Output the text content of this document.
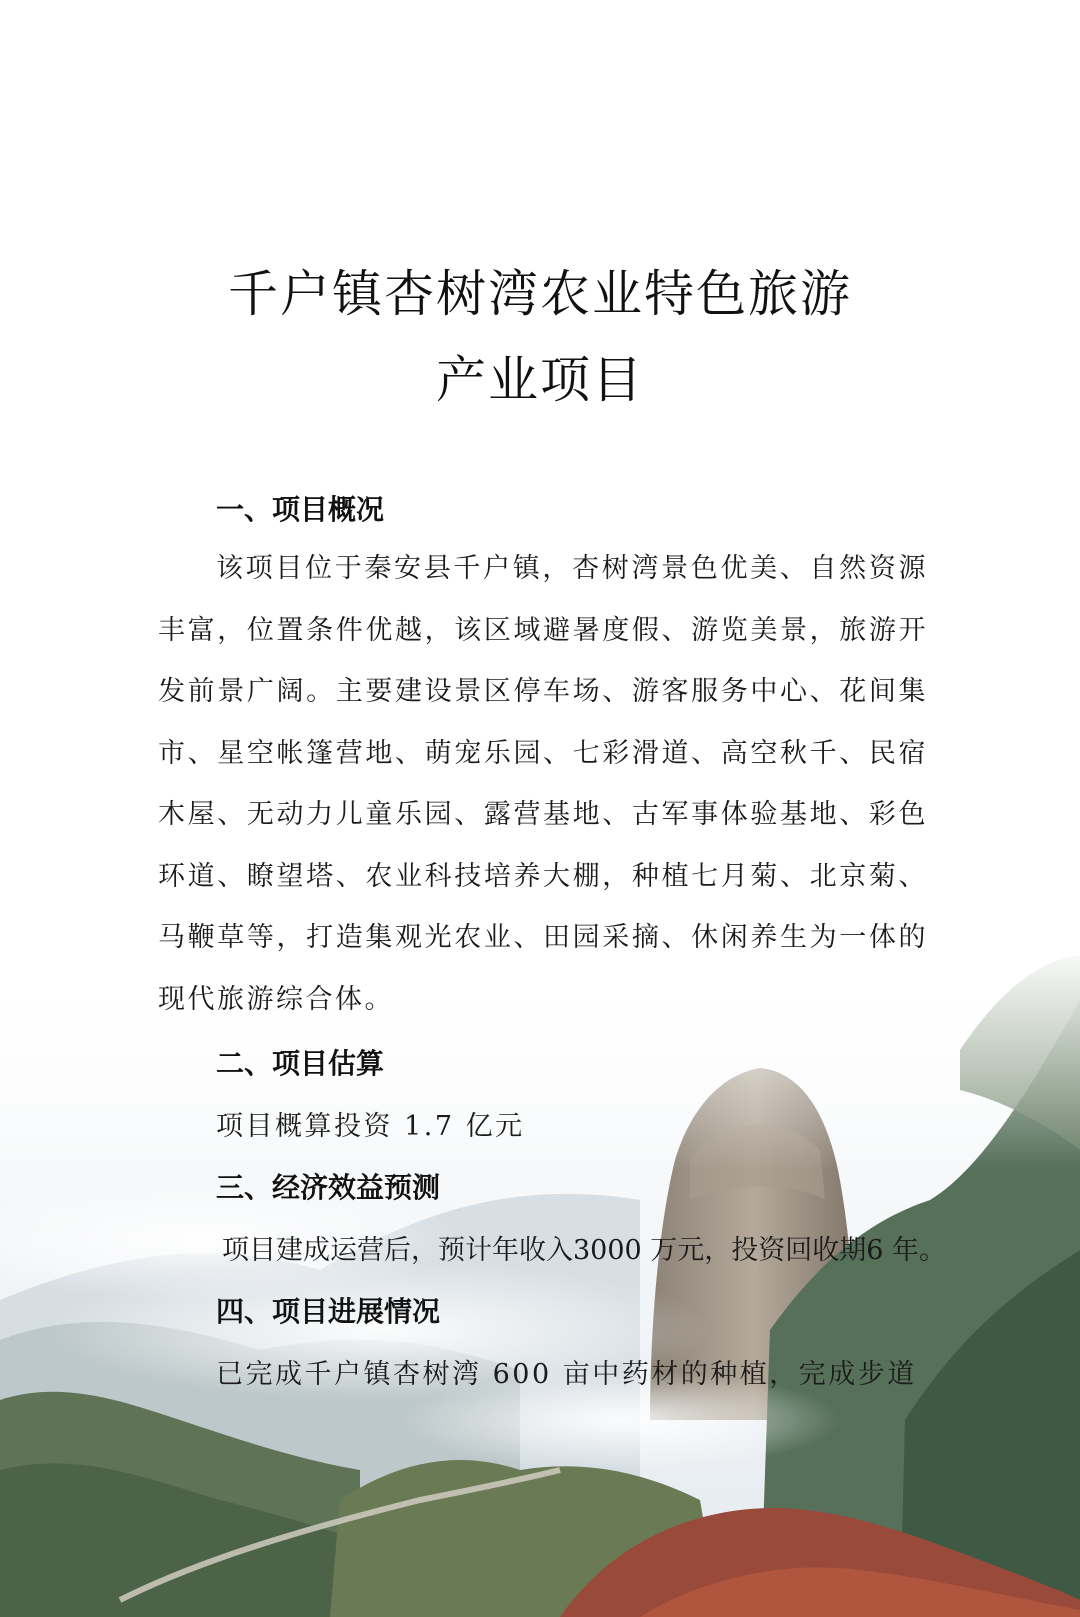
千户镇杏树湾农业特色旅游
产业项目
一、项目概况
该项目位于秦安县千户镇，杏树湾景色优美、自然资源丰富，位置条件优越，该区域避暑度假、游览美景，旅游开发前景广阔。主要建设景区停车场、游客服务中心、花间集市、星空帐篷营地、萌宠乐园、七彩滑道、高空秋千、民宿木屋、无动力儿童乐园、露营基地、古军事体验基地、彩色环道、瞭望塔、农业科技培养大棚，种植七月菊、北京菊、马鞭草等，打造集观光农业、田园采摘、休闲养生为一体的现代旅游综合体。
二、项目估算
项目概算投资 1.7 亿元
三、经济效益预测
项目建成运营后，预计年收入3000 万元，投资回收期6 年。
四、项目进展情况
已完成千户镇杏树湾 600 亩中药材的种植，完成步道
